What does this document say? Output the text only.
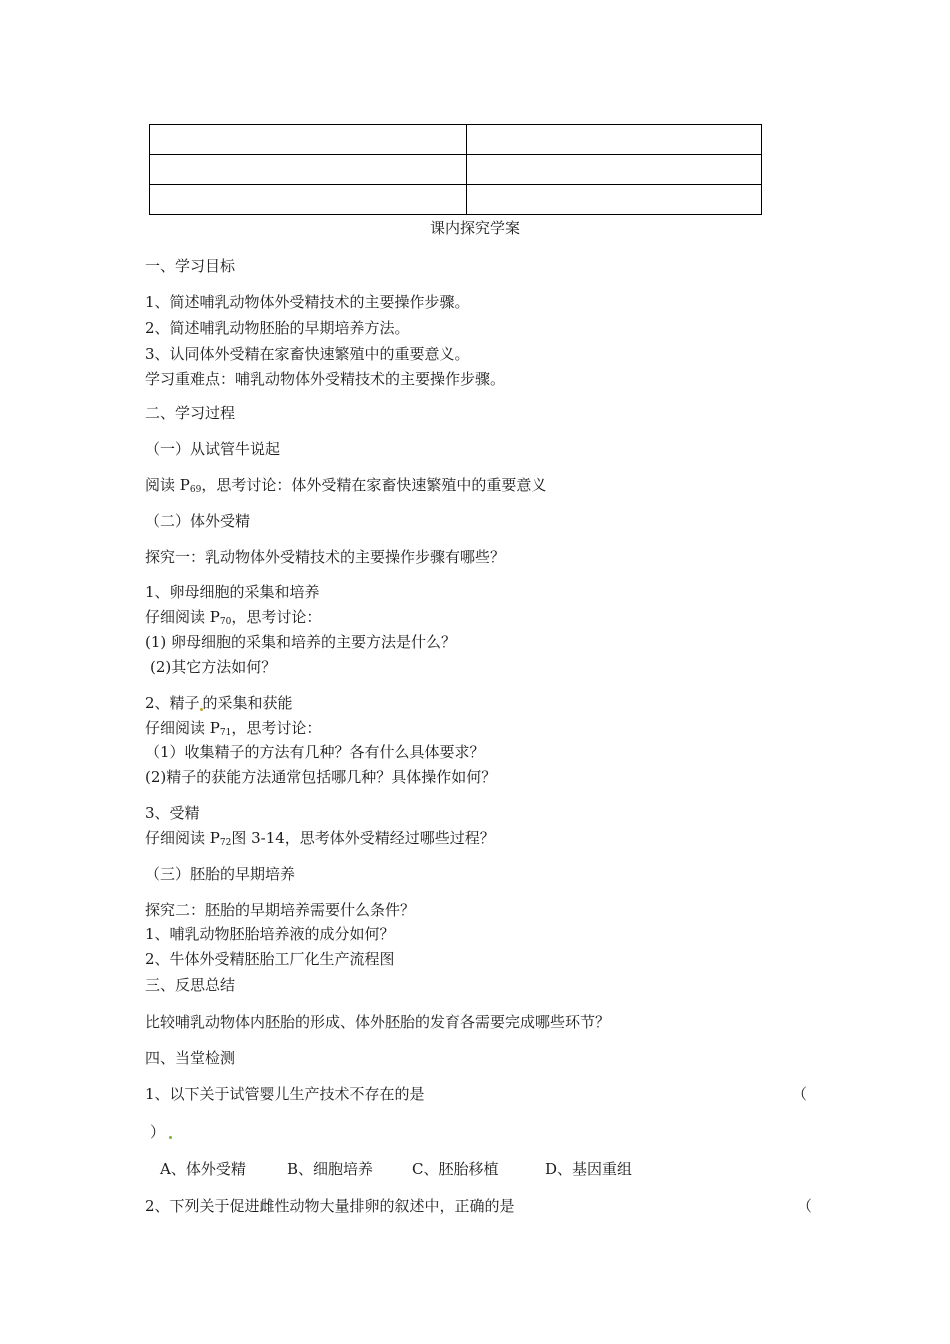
课内探究学案
一、学习目标
1、简述哺乳动物体外受精技术的主要操作步骤。
2、简述哺乳动物胚胎的早期培养方法。
3、认同体外受精在家畜快速繁殖中的重要意义。
学习重难点：哺乳动物体外受精技术的主要操作步骤。
二、学习过程
（一）从试管牛说起
阅读 $P_{69}$，思考讨论：体外受精在家畜快速繁殖中的重要意义
（二）体外受精
探究一：乳动物体外受精技术的主要操作步骤有哪些？
1、卵母细胞的采集和培养
仔细阅读 $P_{70}$，思考讨论：
(1) 卵母细胞的采集和培养的主要方法是什么？
(2)其它方法如何？
2、精子 的采集和获能
仔细阅读 $P_{71}$，思考讨论：
（1）收集精子的方法有几种？各有什么具体要求？
(2)精子的获能方法通常包括哪几种？具体操作如何？
3、受精
仔细阅读 $P_{72}$图 3-14，思考体外受精经过哪些过程？
（三）胚胎的早期培养
探究二：胚胎的早期培养需要什么条件？
1、哺乳动物胚胎培养液的成分如何？
2、牛体外受精胚胎工厂化生产流程图
三、反思总结
比较哺乳动物体内胚胎的形成、体外胚胎的发育各需要完成哪些环节？
四、当堂检测
1、以下关于试管婴儿生产技术不存在的是	（
）
A、体外受精	B、细胞培养	C、胚胎移植	D、基因重组
2、下列关于促进雌性动物大量排卵的叙述中，正确的是	（
